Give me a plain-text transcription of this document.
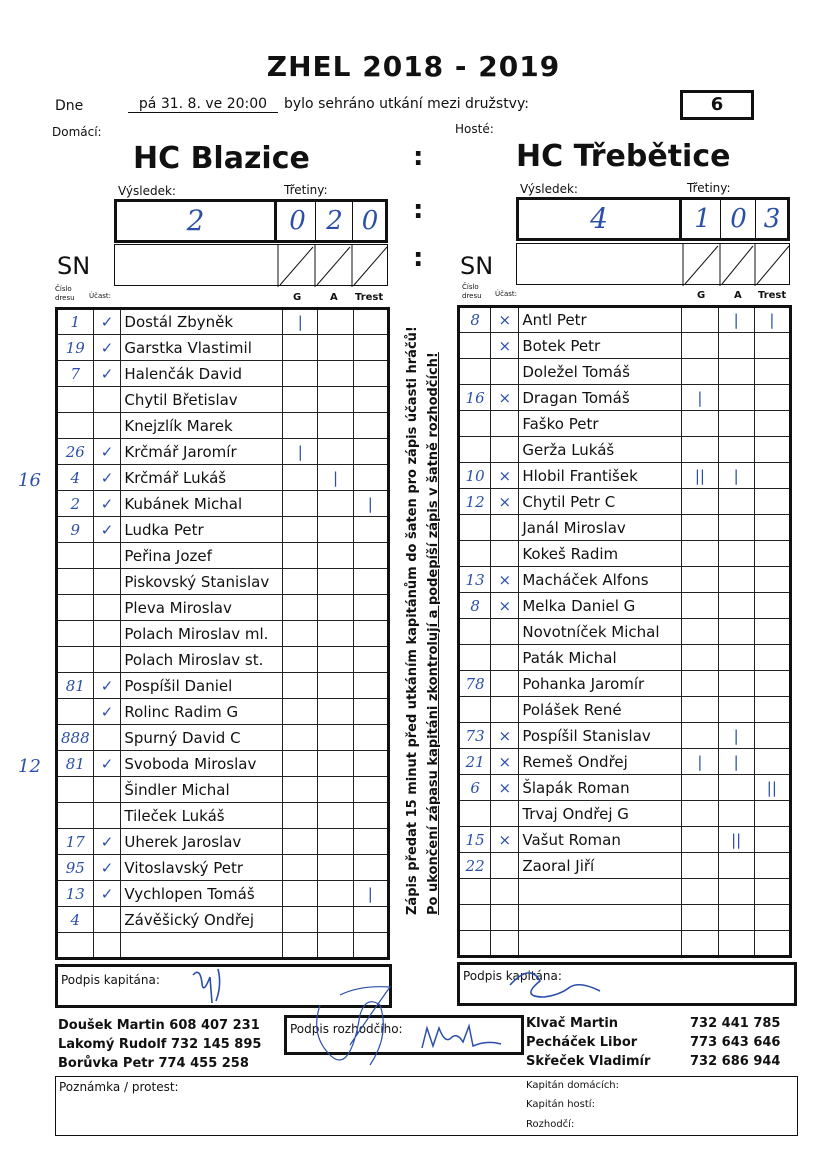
ZHEL 2018 - 2019
Dne	pá 31. 8. ve 20:00	bylo sehráno utkání mezi družstvy:	6
Domácí:	Hosté:
HC Blazice	HC Třebětice
:
:
:
Výsledek:	Třetiny:
2	0 2 0
SN
Výsledek:	Třetiny:
4	1 0 3
SN
Číslo dresu	Účast:	G	A Trest
Číslo dresu	Účast:	G	A Trest
1	✓	Dostál Zbyněk	|		
19	✓	Garstka Vlastimil			
7	✓	Halenčák David			
		Chytil Břetislav			
		Knejzlík Marek			
26	✓	Krčmář Jaromír	|		
4	✓	Krčmář Lukáš		|	
2	✓	Kubánek Michal			|
9	✓	Ludka Petr			
		Peřina Jozef			
		Piskovský Stanislav			
		Pleva Miroslav			
		Polach Miroslav ml.			
		Polach Miroslav st.			
81	✓	Pospíšil Daniel			
	✓	Rolinc Radim G			
888		Spurný David C			
81	✓	Svoboda Miroslav			
		Šindler Michal			
		Tileček Lukáš			
17	✓	Uherek Jaroslav			
95	✓	Vitoslavský Petr			
13	✓	Vychlopen Tomáš			|
4		Závěšický Ondřej			

8	×	Antl Petr		|	|
	×	Botek Petr			
		Doležel Tomáš			
16	×	Dragan Tomáš	|		
		Faško Petr			
		Gerža Lukáš			
10	×	Hlobil František	||	|	
12	×	Chytil Petr C			
		Janál Miroslav			
		Kokeš Radim			
13	×	Macháček Alfons			
8	×	Melka Daniel G			
		Novotníček Michal			
		Paták Michal			
78		Pohanka Jaromír			
		Polášek René			
73	×	Pospíšil Stanislav		|	
21	×	Remeš Ondřej	|	|	
6	×	Šlapák Roman			||
		Trvaj Ondřej G			
15	×	Vašut Roman		||	
22		Zaoral Jiří			

16
12	Zápis předat 15 minut před utkáním kapitánům do šaten pro zápis účasti hráčů! Po ukončení zápasu kapitáni zkontrolují a podepíší zápis v šatně rozhodčích!
Podpis kapitána:	Podpis kapitána:
Doušek Martin 608 407 231
Lakomý Rudolf 732 145 895
Borůvka Petr 774 455 258
Podpis rozhodčího:	Klvač Martin
Pecháček Libor
Skřeček Vladimír
732 441 785
773 643 646
732 686 944
Poznámka / protest:	Kapitán domácích:
Kapitán hostí:
Rozhodčí:
